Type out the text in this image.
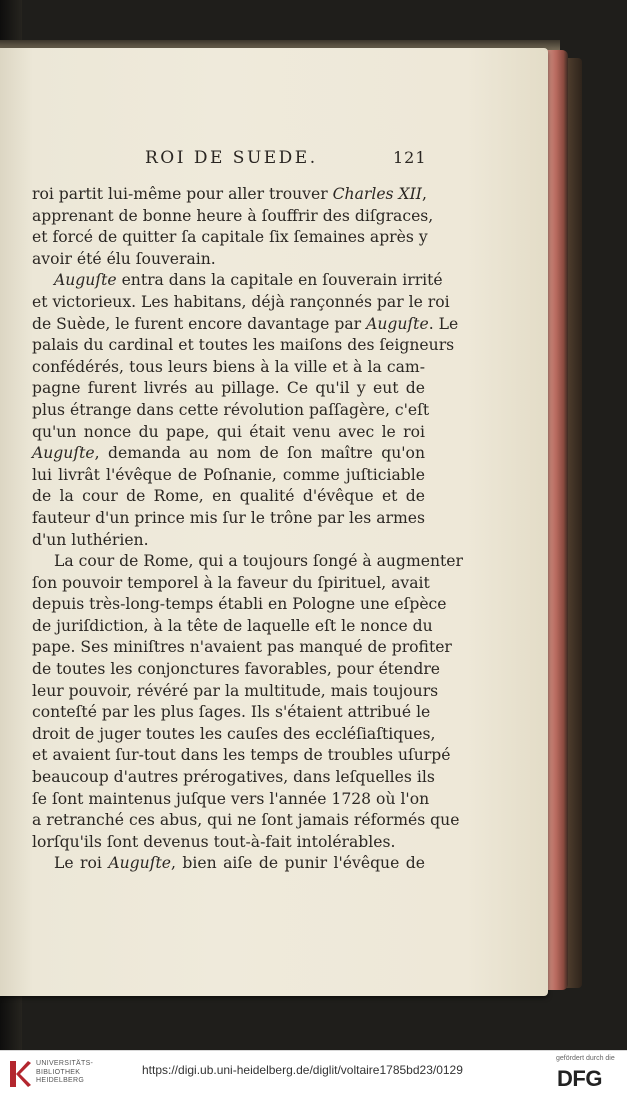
ROI DE SUEDE.	121
roi partit lui-même pour aller trouver Charles XII,
apprenant de bonne heure à ſouffrir des diſgraces,
et forcé de quitter ſa capitale ſix ſemaines après y
avoir été élu ſouverain.
Auguſte entra dans la capitale en ſouverain irrité
et victorieux. Les habitans, déjà rançonnés par le roi
de Suède, le furent encore davantage par Auguſte. Le
palais du cardinal et toutes les maiſons des ſeigneurs
confédérés, tous leurs biens à la ville et à la cam-
pagne furent livrés au pillage. Ce qu'il y eut de
plus étrange dans cette révolution paſſagère, c'eſt
qu'un nonce du pape, qui était venu avec le roi
Auguſte, demanda au nom de ſon maître qu'on
lui livrât l'évêque de Poſnanie, comme juſticiable
de la cour de Rome, en qualité d'évêque et de
fauteur d'un prince mis ſur le trône par les armes
d'un luthérien.
La cour de Rome, qui a toujours ſongé à augmenter
ſon pouvoir temporel à la faveur du ſpirituel, avait
depuis très-long-temps établi en Pologne une eſpèce
de juriſdiction, à la tête de laquelle eſt le nonce du
pape. Ses miniſtres n'avaient pas manqué de profiter
de toutes les conjonctures favorables, pour étendre
leur pouvoir, révéré par la multitude, mais toujours
conteſté par les plus ſages. Ils s'étaient attribué le
droit de juger toutes les cauſes des eccléſiaſtiques,
et avaient ſur-tout dans les temps de troubles uſurpé
beaucoup d'autres prérogatives, dans leſquelles ils
ſe ſont maintenus juſque vers l'année 1728 où l'on
a retranché ces abus, qui ne ſont jamais réformés que
lorſqu'ils ſont devenus tout-à-fait intolérables.
Le roi Auguſte, bien aiſe de punir l'évêque de
UNIVERSITÄTS-
BIBLIOTHEK
HEIDELBERG
https://digi.ub.uni-heidelberg.de/diglit/voltaire1785bd23/0129
gefördert durch die
DFG
